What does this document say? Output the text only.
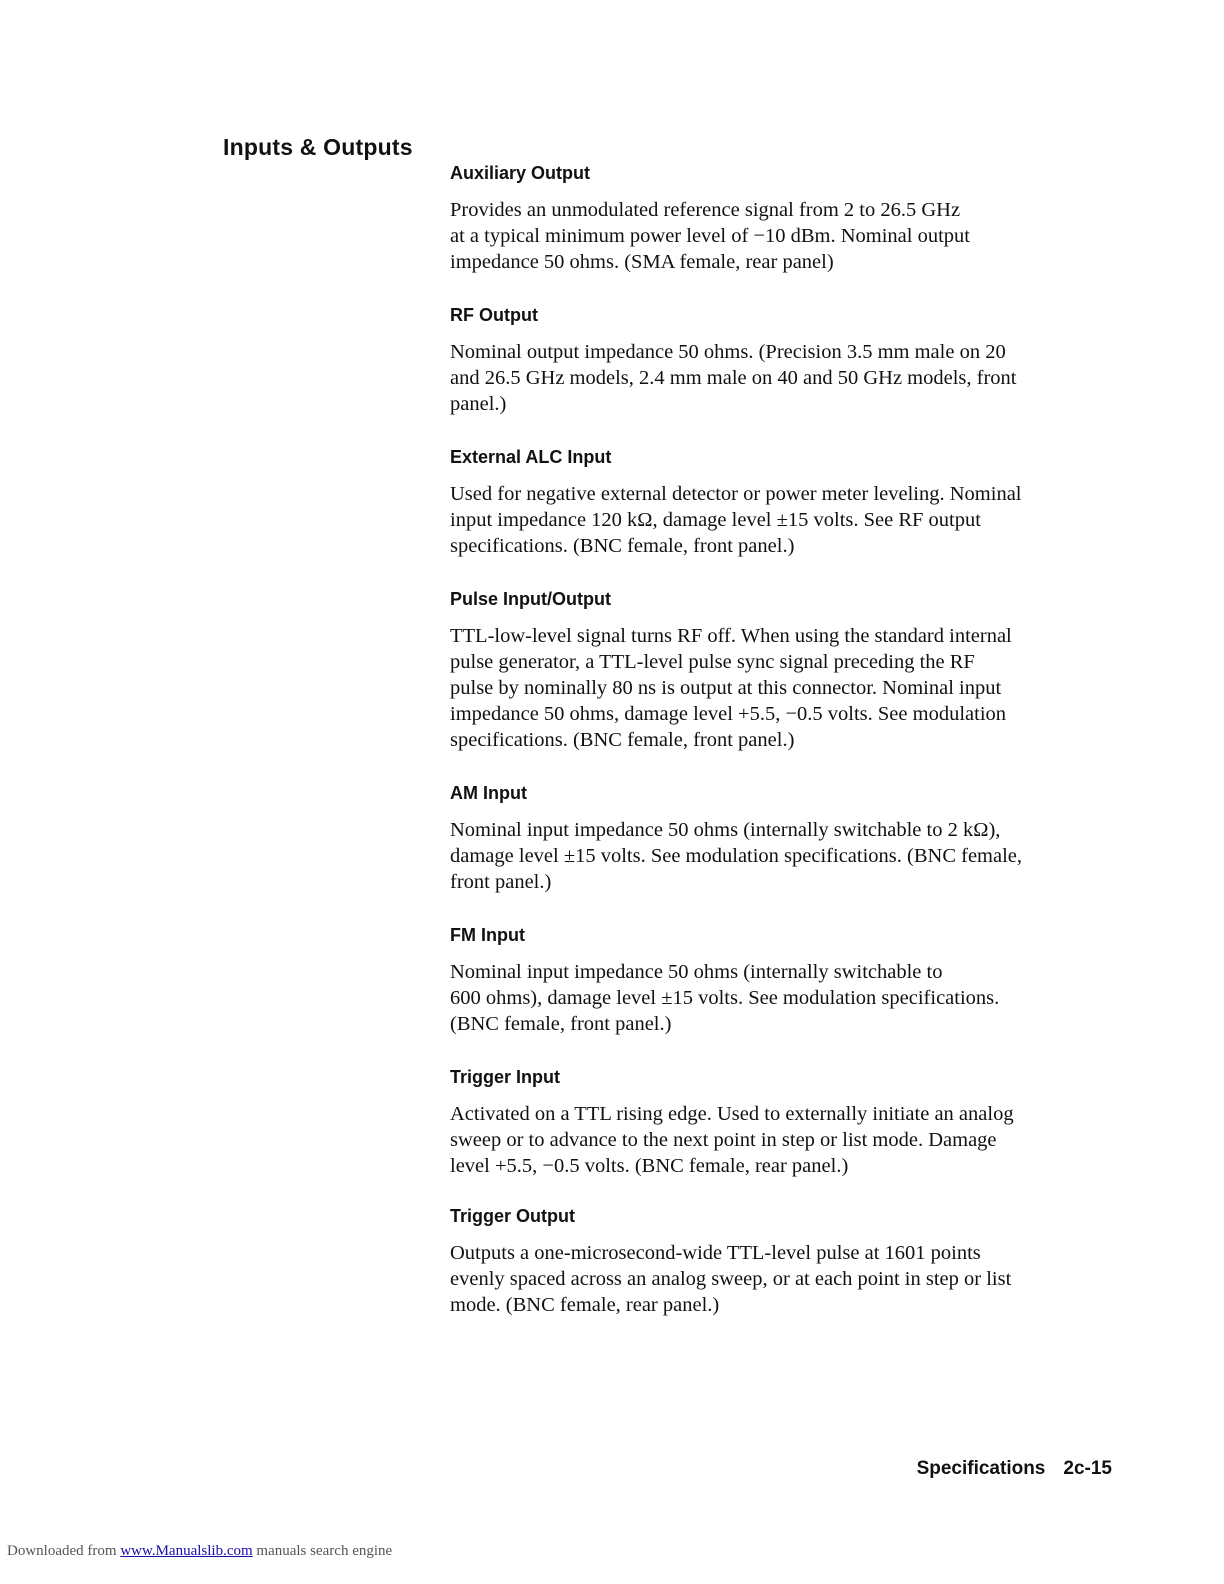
Inputs & Outputs
Auxiliary Output

Provides an unmodulated reference signal from 2 to 26.5 GHz
at a typical minimum power level of −10 dBm. Nominal output
impedance 50 ohms. (SMA female, rear panel)

RF Output

Nominal output impedance 50 ohms. (Precision 3.5 mm male on 20
and 26.5 GHz models, 2.4 mm male on 40 and 50 GHz models, front
panel.)

External ALC Input

Used for negative external detector or power meter leveling. Nominal
input impedance 120 kΩ, damage level ±15 volts. See RF output
specifications. (BNC female, front panel.)

Pulse Input/Output

TTL-low-level signal turns RF off. When using the standard internal
pulse generator, a TTL-level pulse sync signal preceding the RF
pulse by nominally 80 ns is output at this connector. Nominal input
impedance 50 ohms, damage level +5.5, −0.5 volts. See modulation
specifications. (BNC female, front panel.)

AM Input

Nominal input impedance 50 ohms (internally switchable to 2 kΩ),
damage level ±15 volts. See modulation specifications. (BNC female,
front panel.)

FM Input

Nominal input impedance 50 ohms (internally switchable to
600 ohms), damage level ±15 volts. See modulation specifications.
(BNC female, front panel.)

Trigger Input

Activated on a TTL rising edge. Used to externally initiate an analog
sweep or to advance to the next point in step or list mode. Damage
level +5.5, −0.5 volts. (BNC female, rear panel.)

Trigger Output

Outputs a one-microsecond-wide TTL-level pulse at 1601 points
evenly spaced across an analog sweep, or at each point in step or list
mode. (BNC female, rear panel.)

Specifications 2c-15

Downloaded from www.Manualslib.com manuals search engine
